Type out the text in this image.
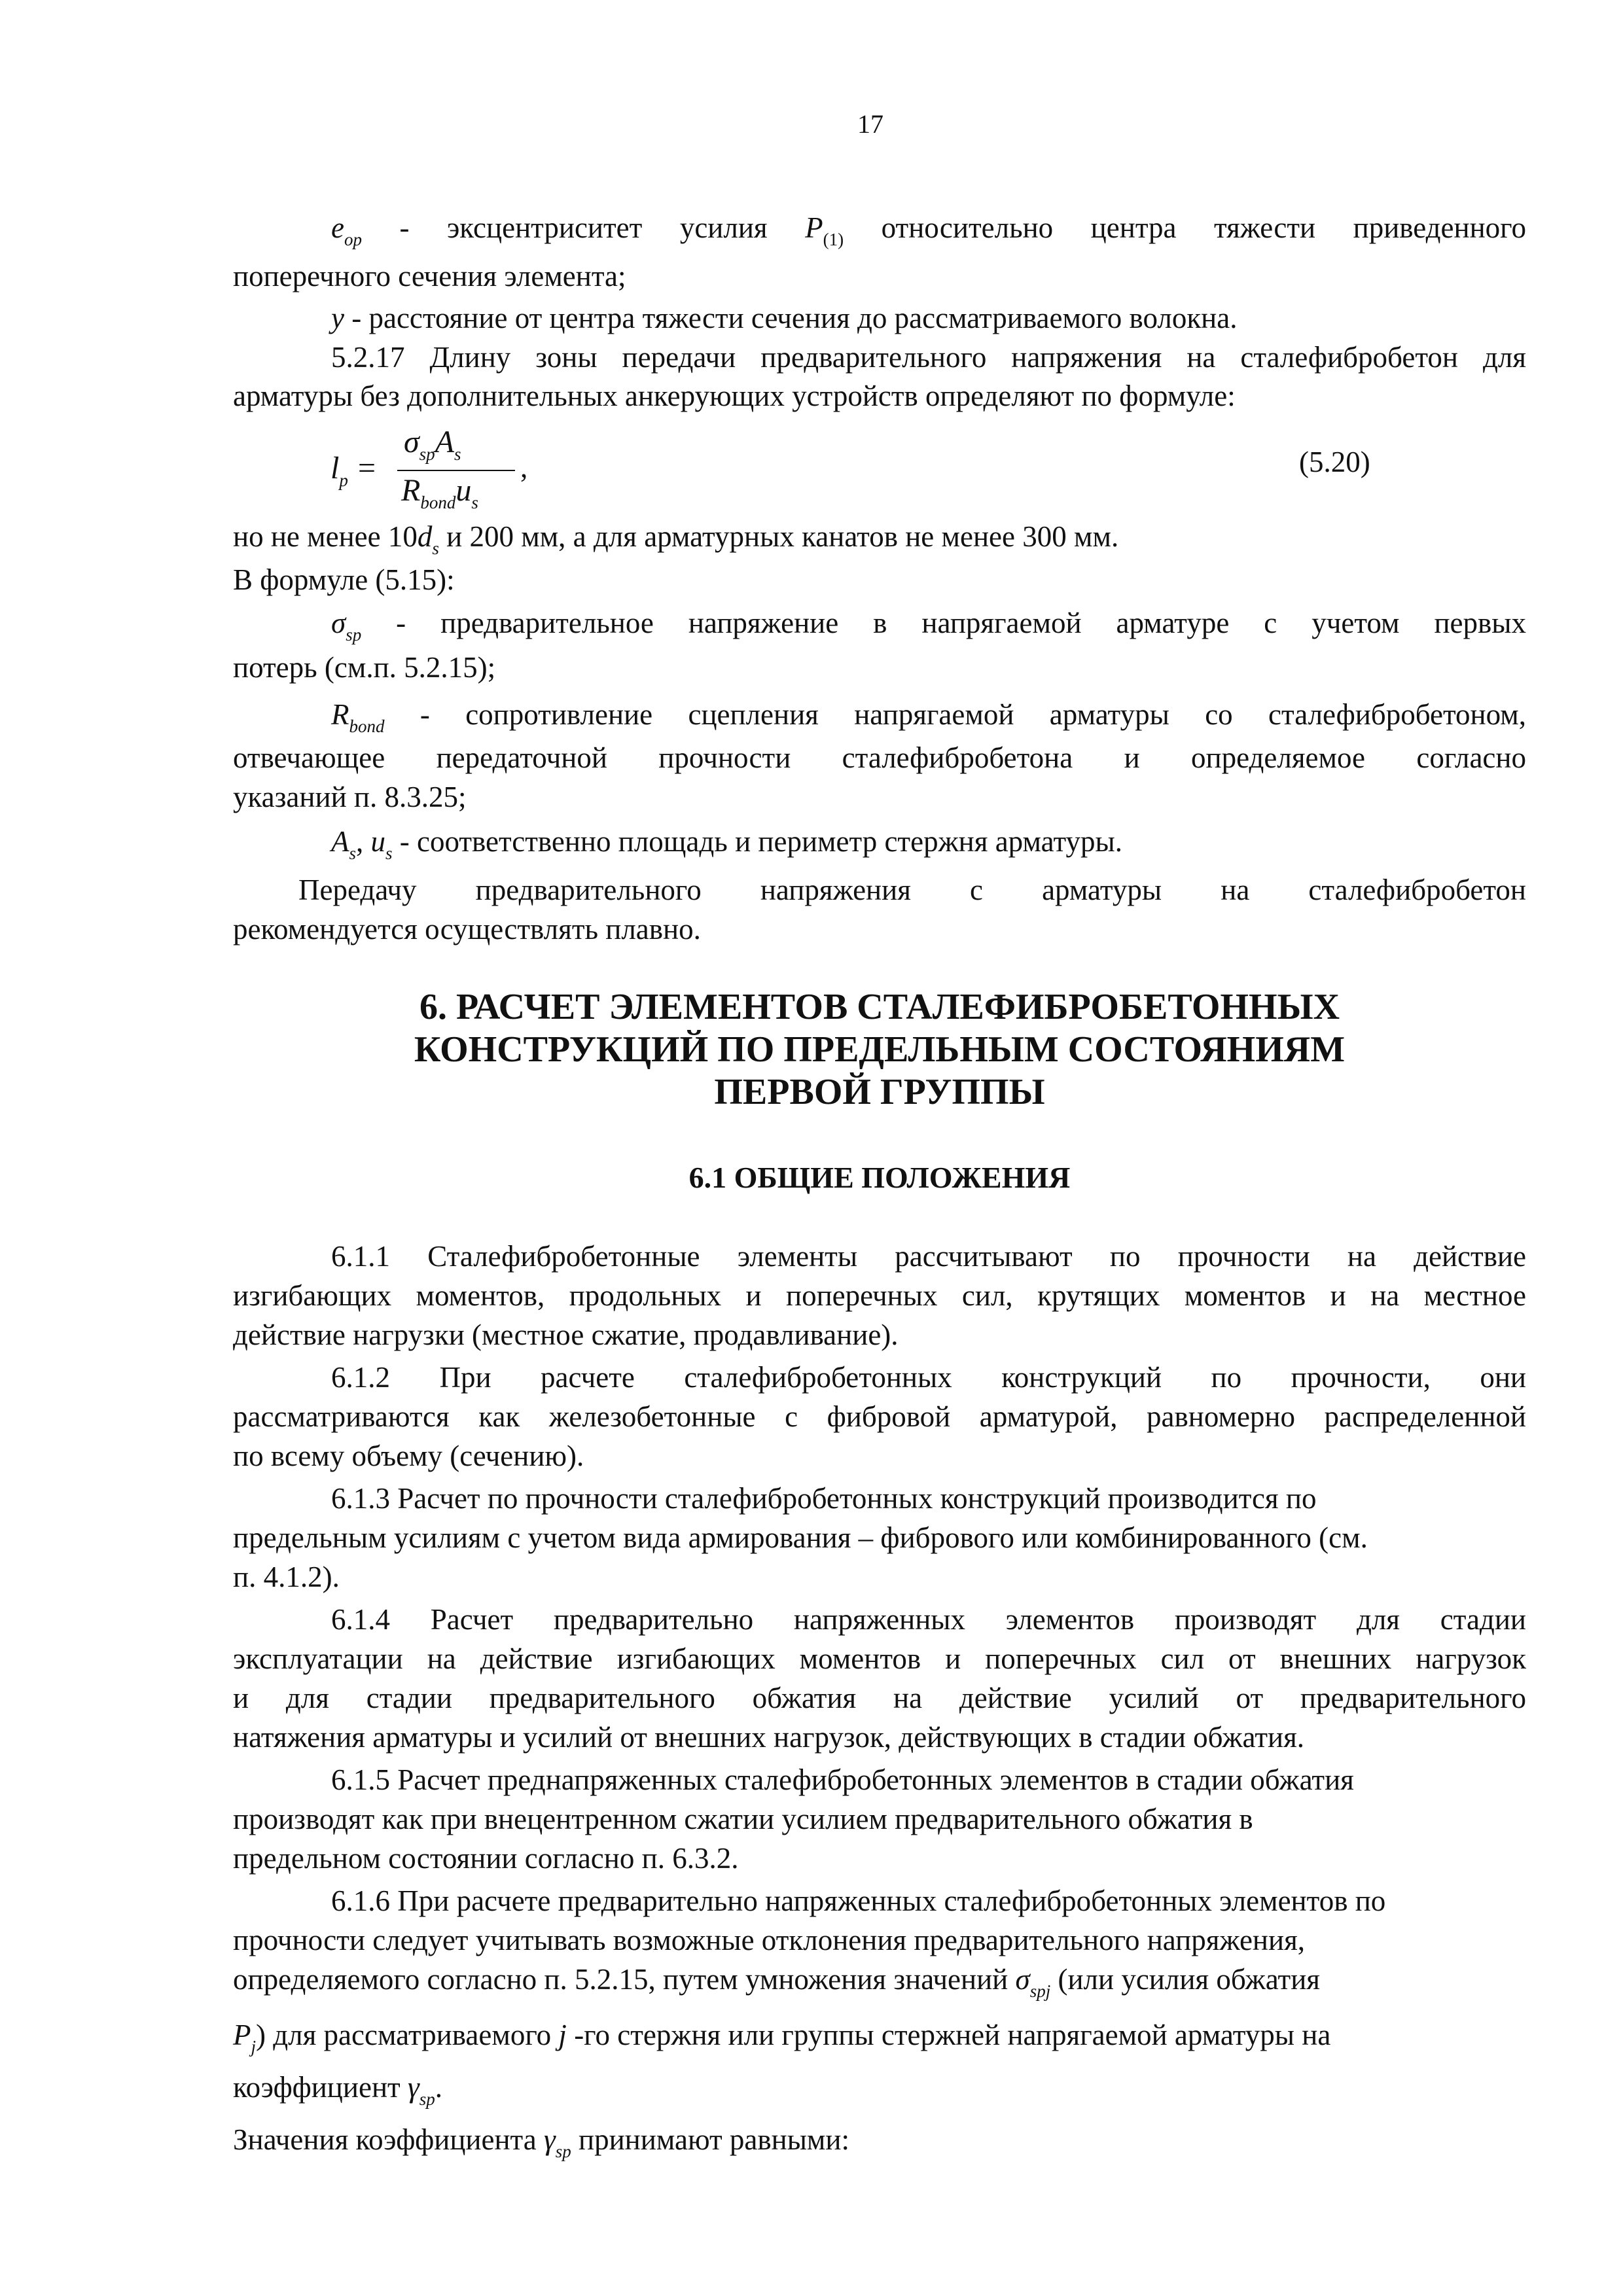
17
$e_{op}$ - эксцентриситет усилия $P_{(1)}$ относительно центра тяжести приведенного
поперечного сечения элемента;
y - расстояние от центра тяжести сечения до рассматриваемого волокна.
5.2.17 Длину зоны передачи предварительного напряжения на сталефибробетон для
арматуры без дополнительных анкерующих устройств определяют по формуле:
$l_p$ =
$\sigma_{sp}A_s$
$R_{bond}u_s$
,	(5.20)
но не менее $10d_s$ и 200 мм, а для арматурных канатов не менее 300 мм.
В формуле (5.15):
$\sigma_{sp}$ - предварительное напряжение в напрягаемой арматуре с учетом первых
потерь (см.п. 5.2.15);
$R_{bond}$ - сопротивление сцепления напрягаемой арматуры со сталефибробетоном,
отвечающее передаточной прочности сталефибробетона и определяемое согласно
указаний п. 8.3.25;
$A_s$, $u_s$ - соответственно площадь и периметр стержня арматуры.
Передачу предварительного напряжения с арматуры на сталефибробетон
рекомендуется осуществлять плавно.
6. РАСЧЕТ ЭЛЕМЕНТОВ СТАЛЕФИБРОБЕТОННЫХ
КОНСТРУКЦИЙ ПО ПРЕДЕЛЬНЫМ СОСТОЯНИЯМ
ПЕРВОЙ ГРУППЫ
6.1 ОБЩИЕ ПОЛОЖЕНИЯ
6.1.1 Сталефибробетонные элементы рассчитывают по прочности на действие
изгибающих моментов, продольных и поперечных сил, крутящих моментов и на местное
действие нагрузки (местное сжатие, продавливание).
6.1.2 При расчете сталефибробетонных конструкций по прочности, они
рассматриваются как железобетонные с фибровой арматурой, равномерно распределенной
по всему объему (сечению).
6.1.3 Расчет по прочности сталефибробетонных конструкций производится по
предельным усилиям с учетом вида армирования – фибрового или комбинированного (см.
п. 4.1.2).
6.1.4 Расчет предварительно напряженных элементов производят для стадии
эксплуатации на действие изгибающих моментов и поперечных сил от внешних нагрузок
и для стадии предварительного обжатия на действие усилий от предварительного
натяжения арматуры и усилий от внешних нагрузок, действующих в стадии обжатия.
6.1.5 Расчет преднапряженных сталефибробетонных элементов в стадии обжатия
производят как при внецентренном сжатии усилием предварительного обжатия в
предельном состоянии согласно п. 6.3.2.
6.1.6 При расчете предварительно напряженных сталефибробетонных элементов по
прочности следует учитывать возможные отклонения предварительного напряжения,
определяемого согласно п. 5.2.15, путем умножения значений $\sigma_{spj}$ (или усилия обжатия
$P_j$) для рассматриваемого j -го стержня или группы стержней напрягаемой арматуры на
коэффициент $\gamma_{sp}$.
Значения коэффициента $\gamma_{sp}$ принимают равными:
